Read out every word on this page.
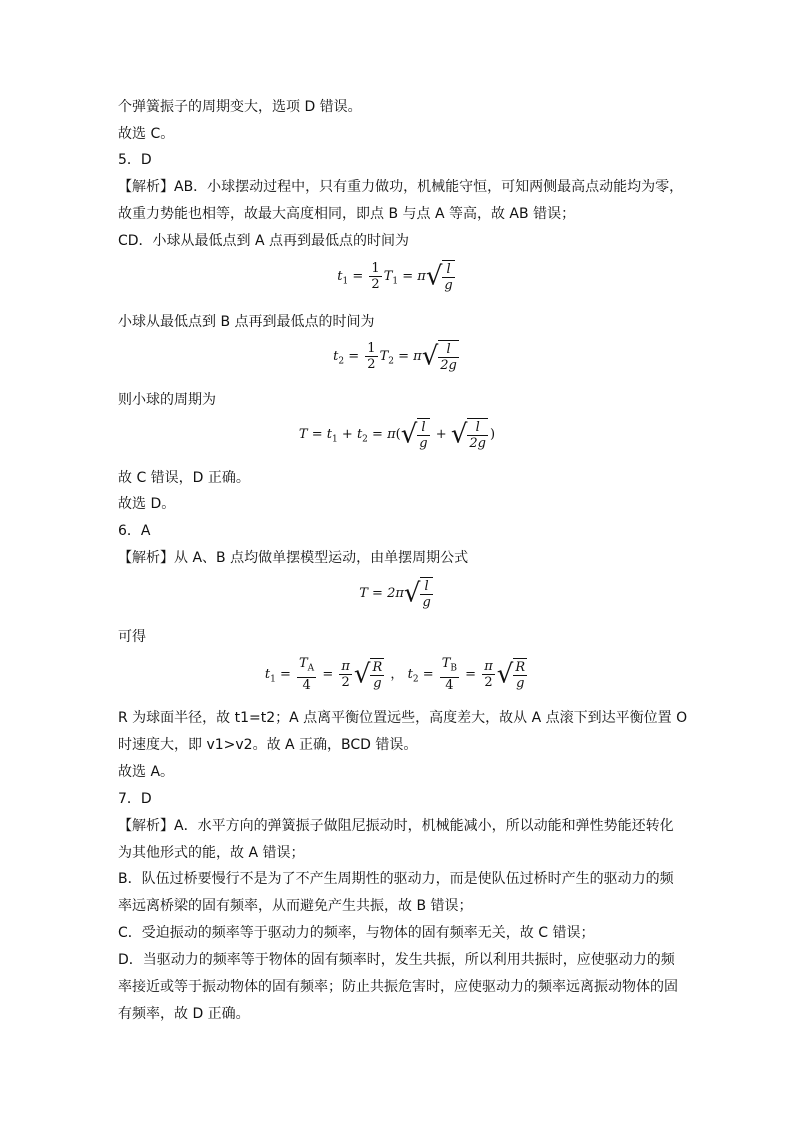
个弹簧振子的周期变大，选项 D 错误。
故选 C。
5．D
【解析】AB．小球摆动过程中，只有重力做功，机械能守恒，可知两侧最高点动能均为零，
故重力势能也相等，故最大高度相同，即点 B 与点 A 等高，故 AB 错误；
CD．小球从最低点到 A 点再到最低点的时间为
$t_1 = \frac{1}{2} T_1 = \pi√ \frac{l}{g}$
小球从最低点到 B 点再到最低点的时间为
$t_2 = \frac{1}{2} T_2 = \pi√ \frac{l}{2g}$
则小球的周期为
$T = t_1 + t_2 = \pi(√ \frac{l}{g}$ + √ $\frac{l}{2g}$ )
故 C 错误，D 正确。
故选 D。
6．A
【解析】从 A、B 点均做单摆模型运动，由单摆周期公式
$T = 2\pi√ \frac{l}{g}$
可得
$t_1 = \frac{T_A}{4} = \frac{\pi}{2}$ √ $\frac{R}{g}$ ， $t_2 = \frac{T_B}{4} = \frac{\pi}{2}$ √ $\frac{R}{g}$
R 为球面半径，故 t1=t2；A 点离平衡位置远些，高度差大，故从 A 点滚下到达平衡位置 O
时速度大，即 v1>v2。故 A 正确，BCD 错误。
故选 A。
7．D
【解析】A．水平方向的弹簧振子做阻尼振动时，机械能减小，所以动能和弹性势能还转化
为其他形式的能，故 A 错误；
B．队伍过桥要慢行不是为了不产生周期性的驱动力，而是使队伍过桥时产生的驱动力的频
率远离桥梁的固有频率，从而避免产生共振，故 B 错误；
C．受迫振动的频率等于驱动力的频率，与物体的固有频率无关，故 C 错误；
D．当驱动力的频率等于物体的固有频率时，发生共振，所以利用共振时，应使驱动力的频
率接近或等于振动物体的固有频率；防止共振危害时，应使驱动力的频率远离振动物体的固
有频率，故 D 正确。
